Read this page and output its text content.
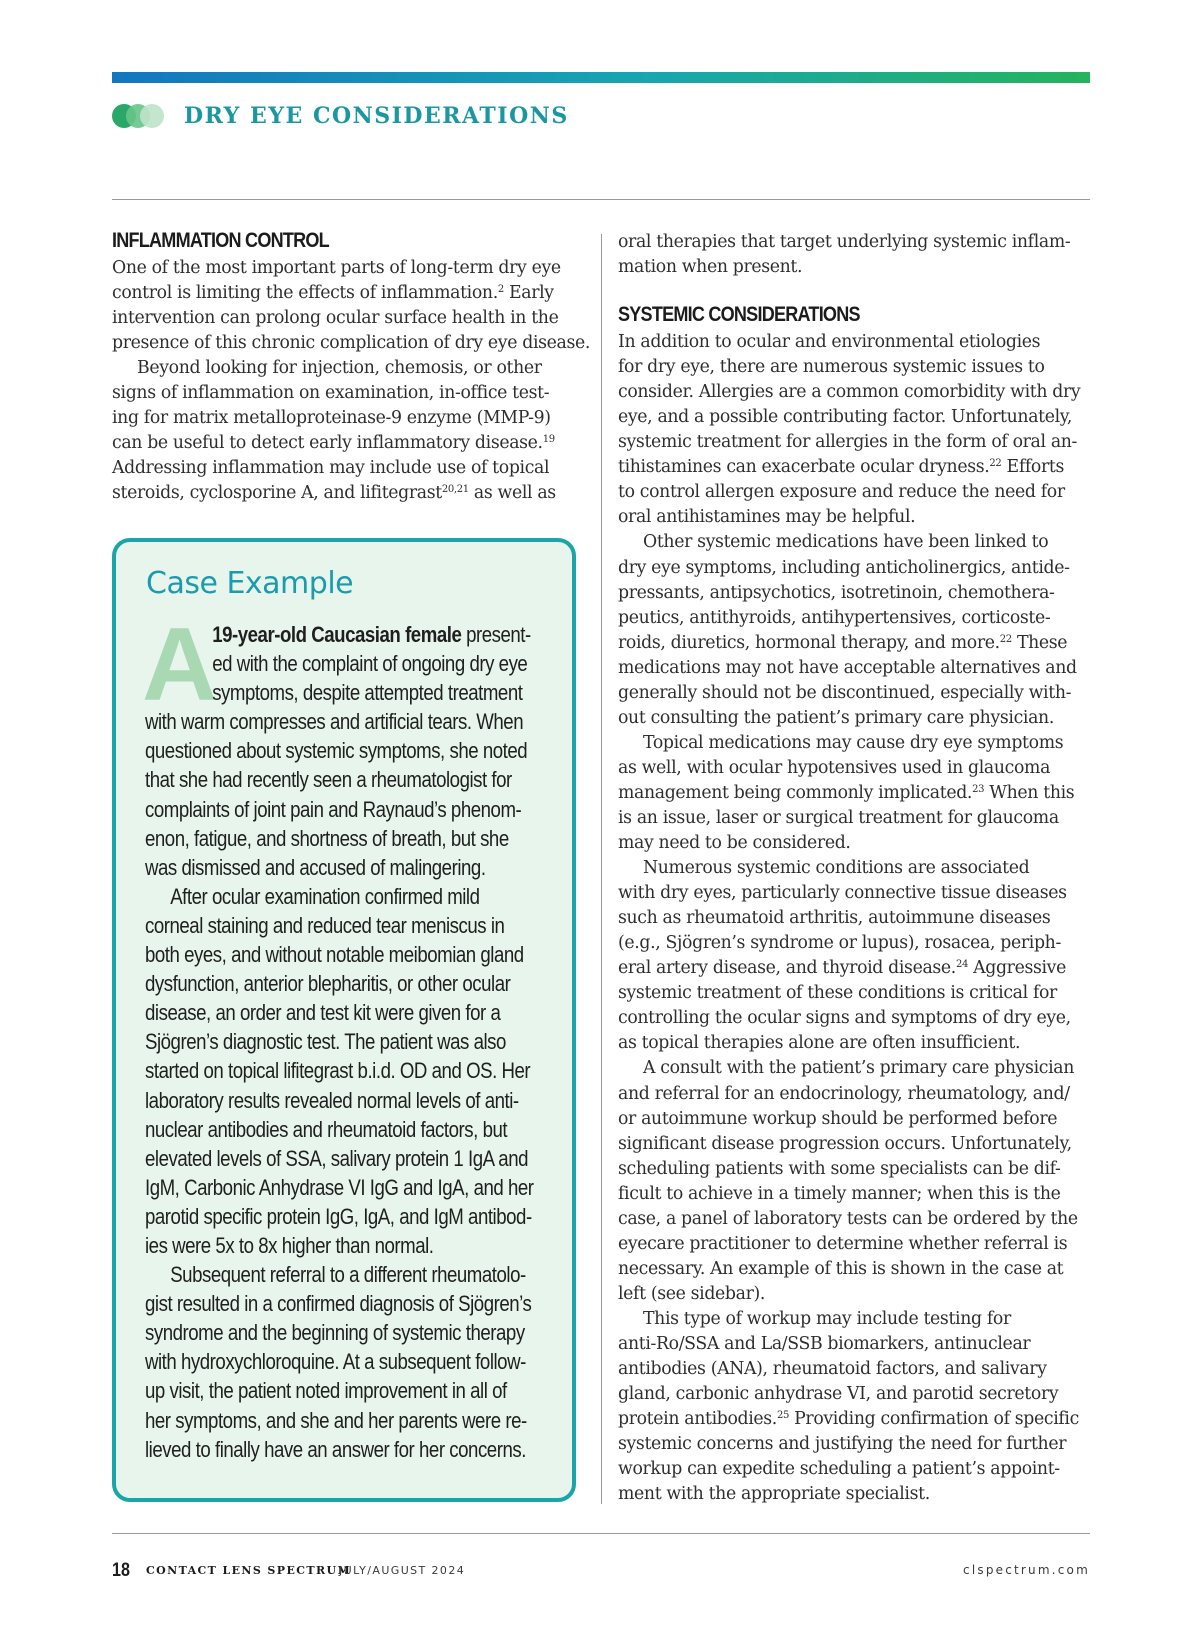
DRY EYE CONSIDERATIONS
INFLAMMATION CONTROL

One of the most important parts of long-term dry eye
control is limiting the effects of inflammation.$^2$ Early
intervention can prolong ocular surface health in the
presence of this chronic complication of dry eye disease.

Beyond looking for injection, chemosis, or other
signs of inflammation on examination, in-office test-
ing for matrix metalloproteinase-9 enzyme (MMP-9)
can be useful to detect early inflammatory disease.$^{19}$
Addressing inflammation may include use of topical
steroids, cyclosporine A, and lifitegrast$^{20,21}$ as well as

Case Example
A
19-year-old Caucasian female present-
ed with the complaint of ongoing dry eye
symptoms, despite attempted treatment
with warm compresses and artificial tears. When
questioned about systemic symptoms, she noted
that she had recently seen a rheumatologist for
complaints of joint pain and Raynaud’s phenom-
enon, fatigue, and shortness of breath, but she
was dismissed and accused of malingering.
After ocular examination confirmed mild
corneal staining and reduced tear meniscus in
both eyes, and without notable meibomian gland
dysfunction, anterior blepharitis, or other ocular
disease, an order and test kit were given for a
Sjögren’s diagnostic test. The patient was also
started on topical lifitegrast b.i.d. OD and OS. Her
laboratory results revealed normal levels of anti-
nuclear antibodies and rheumatoid factors, but
elevated levels of SSA, salivary protein 1 IgA and
IgM, Carbonic Anhydrase VI IgG and IgA, and her
parotid specific protein IgG, IgA, and IgM antibod-
ies were 5x to 8x higher than normal.
Subsequent referral to a different rheumatolo-
gist resulted in a confirmed diagnosis of Sjögren’s
syndrome and the beginning of systemic therapy
with hydroxychloroquine. At a subsequent follow-
up visit, the patient noted improvement in all of
her symptoms, and she and her parents were re-
lieved to finally have an answer for her concerns.

oral therapies that target underlying systemic inflam-
mation when present.

SYSTEMIC CONSIDERATIONS

In addition to ocular and environmental etiologies
for dry eye, there are numerous systemic issues to
consider. Allergies are a common comorbidity with dry
eye, and a possible contributing factor. Unfortunately,
systemic treatment for allergies in the form of oral an-
tihistamines can exacerbate ocular dryness.$^{22}$ Efforts
to control allergen exposure and reduce the need for
oral antihistamines may be helpful.

Other systemic medications have been linked to
dry eye symptoms, including anticholinergics, antide-
pressants, antipsychotics, isotretinoin, chemothera-
peutics, antithyroids, antihypertensives, corticoste-
roids, diuretics, hormonal therapy, and more.$^{22}$ These
medications may not have acceptable alternatives and
generally should not be discontinued, especially with-
out consulting the patient’s primary care physician.

Topical medications may cause dry eye symptoms
as well, with ocular hypotensives used in glaucoma
management being commonly implicated.$^{23}$ When this
is an issue, laser or surgical treatment for glaucoma
may need to be considered.

Numerous systemic conditions are associated
with dry eyes, particularly connective tissue diseases
such as rheumatoid arthritis, autoimmune diseases
(e.g., Sjögren’s syndrome or lupus), rosacea, periph-
eral artery disease, and thyroid disease.$^{24}$ Aggressive
systemic treatment of these conditions is critical for
controlling the ocular signs and symptoms of dry eye,
as topical therapies alone are often insufficient.

A consult with the patient’s primary care physician
and referral for an endocrinology, rheumatology, and/
or autoimmune workup should be performed before
significant disease progression occurs. Unfortunately,
scheduling patients with some specialists can be dif-
ficult to achieve in a timely manner; when this is the
case, a panel of laboratory tests can be ordered by the
eyecare practitioner to determine whether referral is
necessary. An example of this is shown in the case at
left (see sidebar).

This type of workup may include testing for
anti-Ro/SSA and La/SSB biomarkers, antinuclear
antibodies (ANA), rheumatoid factors, and salivary
gland, carbonic anhydrase VI, and parotid secretory
protein antibodies.$^{25}$ Providing confirmation of specific
systemic concerns and justifying the need for further
workup can expedite scheduling a patient’s appoint-
ment with the appropriate specialist.

18 CONTACT LENS SPECTRUM
JULY/AUGUST 2024	clspectrum.com
